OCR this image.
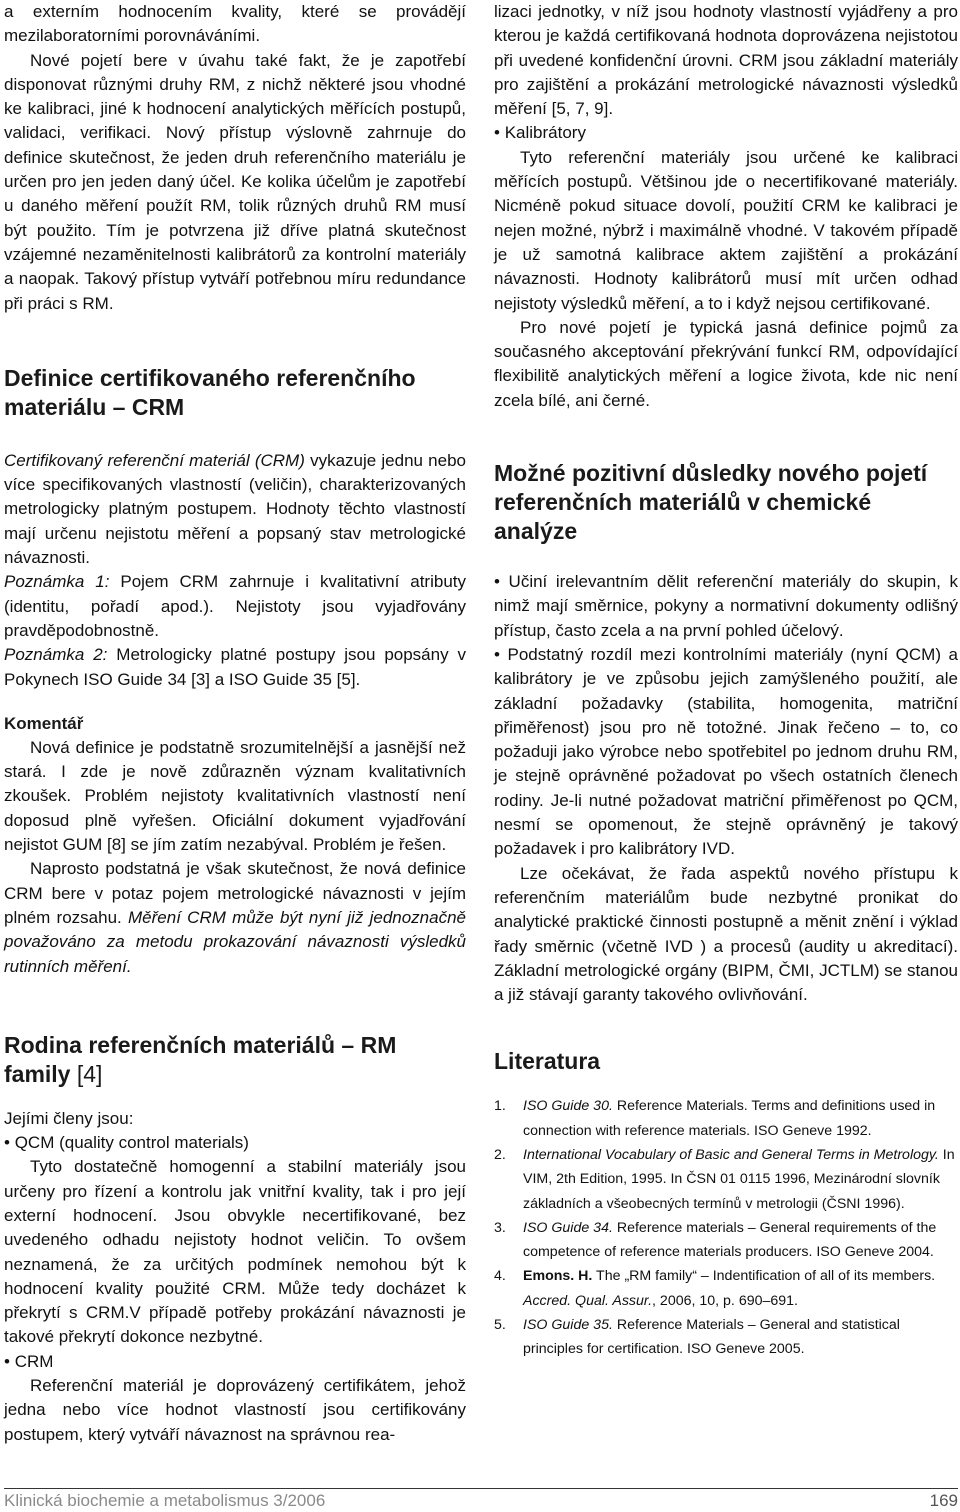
a externím hodnocením kvality, které se provádějí mezilaboratorními porovnáváními.

Nové pojetí bere v úvahu také fakt, že je zapotřebí disponovat různými druhy RM, z nichž některé jsou vhodné ke kalibraci, jiné k hodnocení analytických měřících postupů, validaci, verifikaci. Nový přístup výslovně zahrnuje do definice skutečnost, že jeden druh referenčního materiálu je určen pro jen jeden daný účel. Ke kolika účelům je zapotřebí u daného měření použít RM, tolik různých druhů RM musí být použito. Tím je potvrzena již dříve platná skutečnost vzájemné nezaměnitelnosti kalibrátorů za kontrolní materiály a naopak. Takový přístup vytváří potřebnou míru redundance při práci s RM.

Definice certifikovaného referenčního materiálu – CRM

Certifikovaný referenční materiál (CRM) vykazuje jednu nebo více specifikovaných vlastností (veličin), charakterizovaných metrologicky platným postupem. Hodnoty těchto vlastností mají určenu nejistotu měření a popsaný stav metrologické návaznosti.

Poznámka 1: Pojem CRM zahrnuje i kvalitativní atributy (identitu, pořadí apod.). Nejistoty jsou vyjadřovány pravděpodobnostně.

Poznámka 2: Metrologicky platné postupy jsou popsány v Pokynech ISO Guide 34 [3] a ISO Guide 35 [5].

Komentář

Nová definice je podstatně srozumitelnější a jasnější než stará. I zde je nově zdůrazněn význam kvalitativních zkoušek. Problém nejistoty kvalitativních vlastností není doposud plně vyřešen. Oficiální dokument vyjadřování nejistot GUM [8] se jím zatím nezabýval. Problém je řešen.

Naprosto podstatná je však skutečnost, že nová definice CRM bere v potaz pojem metrologické návaznosti v jejím plném rozsahu. Měření CRM může být nyní již jednoznačně považováno za metodu prokazování návaznosti výsledků rutinních měření.

Rodina referenčních materiálů – RM family [4]

Jejími členy jsou:

• QCM (quality control materials)

Tyto dostatečně homogenní a stabilní materiály jsou určeny pro řízení a kontrolu jak vnitřní kvality, tak i pro její externí hodnocení. Jsou obvykle necertifikované, bez uvedeného odhadu nejistoty hodnot veličin. To ovšem neznamená, že za určitých podmínek nemohou být k hodnocení kvality použité CRM. Může tedy docházet k překrytí s CRM.V případě potřeby prokázání návaznosti je takové překrytí dokonce nezbytné.

• CRM

Referenční materiál je doprovázený certifikátem, jehož jedna nebo více hodnot vlastností jsou certifikovány postupem, který vytváří návaznost na správnou rea-

lizaci jednotky, v níž jsou hodnoty vlastností vyjádřeny a pro kterou je každá certifikovaná hodnota doprovázena nejistotou při uvedené konfidenční úrovni. CRM jsou základní materiály pro zajištění a prokázání metrologické návaznosti výsledků měření [5, 7, 9].

• Kalibrátory

Tyto referenční materiály jsou určené ke kalibraci měřících postupů. Většinou jde o necertifikované materiály. Nicméně pokud situace dovolí, použití CRM ke kalibraci je nejen možné, nýbrž i maximálně vhodné. V takovém případě je už samotná kalibrace aktem zajištění a prokázání návaznosti. Hodnoty kalibrátorů musí mít určen odhad nejistoty výsledků měření, a to i když nejsou certifikované.

Pro nové pojetí je typická jasná definice pojmů za současného akceptování překrývání funkcí RM, odpovídající flexibilitě analytických měření a logice života, kde nic není zcela bílé, ani černé.

Možné pozitivní důsledky nového pojetí referenčních materiálů v chemické analýze

• Učiní irelevantním dělit referenční materiály do skupin, k nimž mají směrnice, pokyny a normativní dokumenty odlišný přístup, často zcela a na první pohled účelový.

• Podstatný rozdíl mezi kontrolními materiály (nyní QCM) a kalibrátory je ve způsobu jejich zamýšleného použití, ale základní požadavky (stabilita, homogenita, matriční přiměřenost) jsou pro ně totožné. Jinak řečeno – to, co požaduji jako výrobce nebo spotřebitel po jednom druhu RM, je stejně oprávněné požadovat po všech ostatních členech rodiny. Je-li nutné požadovat matriční přiměřenost po QCM, nesmí se opomenout, že stejně oprávněný je takový požadavek i pro kalibrátory IVD.

Lze očekávat, že řada aspektů nového přístupu k referenčním materiálům bude nezbytné pronikat do analytické praktické činnosti postupně a měnit znění i výklad řady směrnic (včetně IVD ) a procesů (audity u akreditací). Základní metrologické orgány (BIPM, ČMI, JCTLM) se stanou a již stávají garanty takového ovlivňování.

Literatura
1. ISO Guide 30. Reference Materials. Terms and definitions used in connection with reference materials. ISO Geneve 1992.
2. International Vocabulary of Basic and General Terms in Metrology. In VIM, 2th Edition, 1995. In ČSN 01 0115 1996, Mezinárodní slovník základních a všeobecných termínů v metrologii (ČSNI 1996).
3. ISO Guide 34. Reference materials – General requirements of the competence of reference materials producers. ISO Geneve 2004.
4. Emons. H. The „RM family“ – Indentification of all of its members. Accred. Qual. Assur., 2006, 10, p. 690–691.
5. ISO Guide 35. Reference Materials – General and statistical principles for certification. ISO Geneve 2005.
Klinická biochemie a metabolismus 3/2006	169
